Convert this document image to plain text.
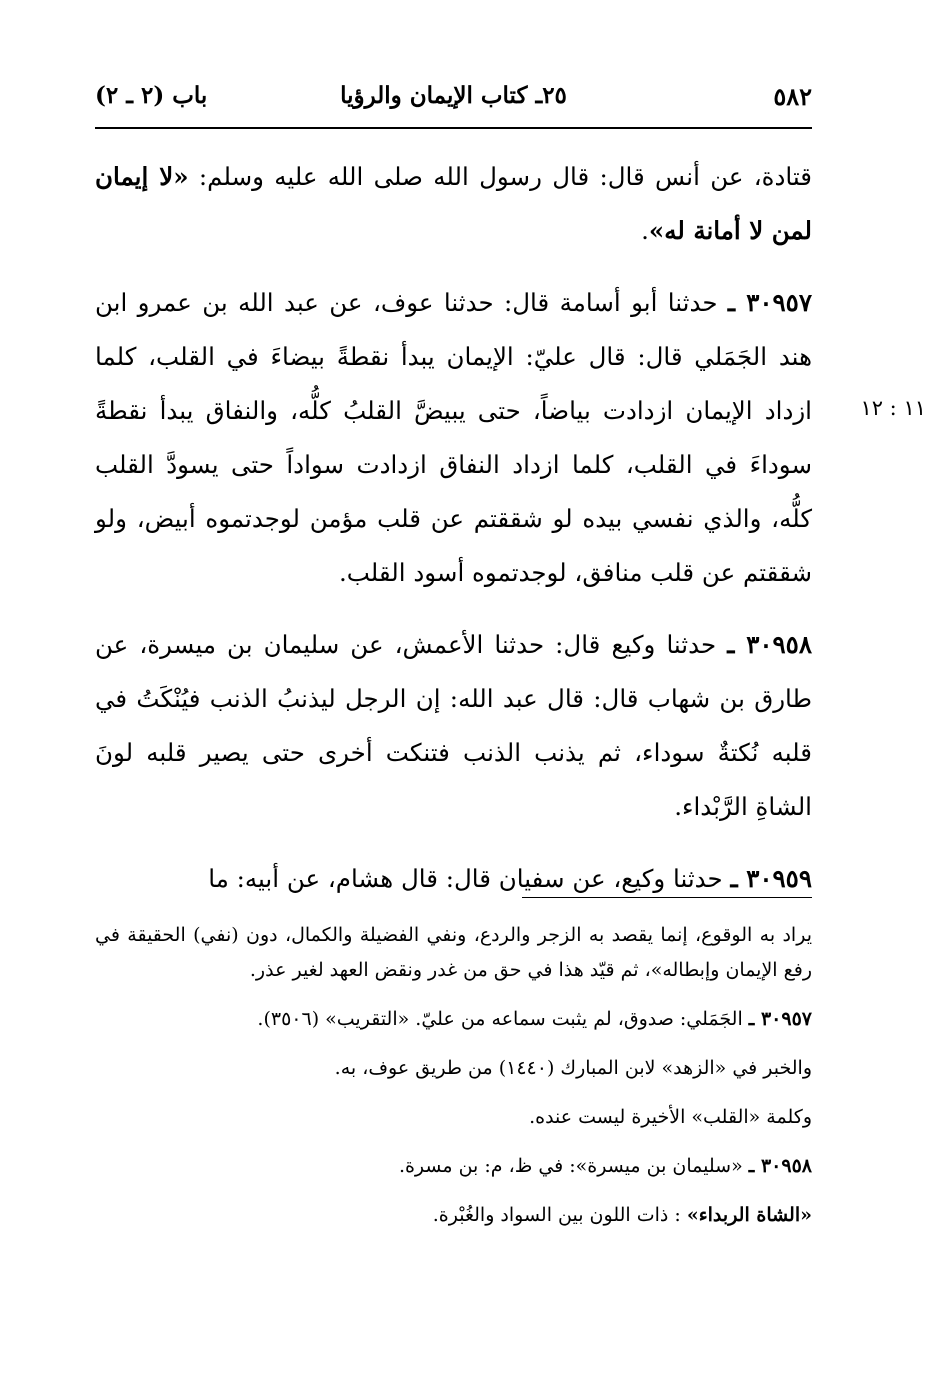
٥٨٢
٢٥ـ كتاب الإيمان والرؤيا
باب (٢ ـ ٢)

قتادة، عن أنس قال: قال رسول الله صلى الله عليه وسلم: «لا إيمان لمن لا أمانة له».

٣٠٩٥٧ ـ حدثنا أبو أسامة قال: حدثنا عوف، عن عبد الله بن عمرو ابن هند الجَمَلي قال: قال عليّ: الإيمان يبدأ نقطةً بيضاءَ في القلب، كلما ازداد الإيمان ازدادت بياضاً، حتى يبيضَّ القلبُ كلُّه، والنفاق يبدأ نقطةً سوداءَ في القلب، كلما ازداد النفاق ازدادت سواداً حتى يسودَّ القلب كلُّه، والذي نفسي بيده لو شققتم عن قلب مؤمن لوجدتموه أبيض، ولو شققتم عن قلب منافق، لوجدتموه أسود القلب.

٣٠٩٥٨ ـ حدثنا وكيع قال: حدثنا الأعمش، عن سليمان بن ميسرة، عن طارق بن شهاب قال: قال عبد الله: إن الرجل ليذنبُ الذنب فيُنْكَتُ في قلبه نُكتةٌ سوداء، ثم يذنب الذنب فتنكت أخرى حتى يصير قلبه لونَ الشاةِ الرَّبْداء.

٣٠٩٥٩ ـ حدثنا وكيع، عن سفيان قال: قال هشام، عن أبيه: ما

يراد به الوقوع، إنما يقصد به الزجر والردع، ونفي الفضيلة والكمال، دون (نفي) الحقيقة في رفع الإيمان وإبطاله»، ثم قيّد هذا في حق من غدر ونقض العهد لغير عذر.

٣٠٩٥٧ ـ الجَمَلي: صدوق، لم يثبت سماعه من عليّ. «التقريب» (٣٥٠٦).

والخبر في «الزهد» لابن المبارك (١٤٤٠) من طريق عوف، به.

وكلمة «القلب» الأخيرة ليست عنده.

٣٠٩٥٨ ـ «سليمان بن ميسرة»: في ظ، م: بن مسرة.

«الشاة الربداء» : ذات اللون بين السواد والغُبْرة.

١١ : ١٢
